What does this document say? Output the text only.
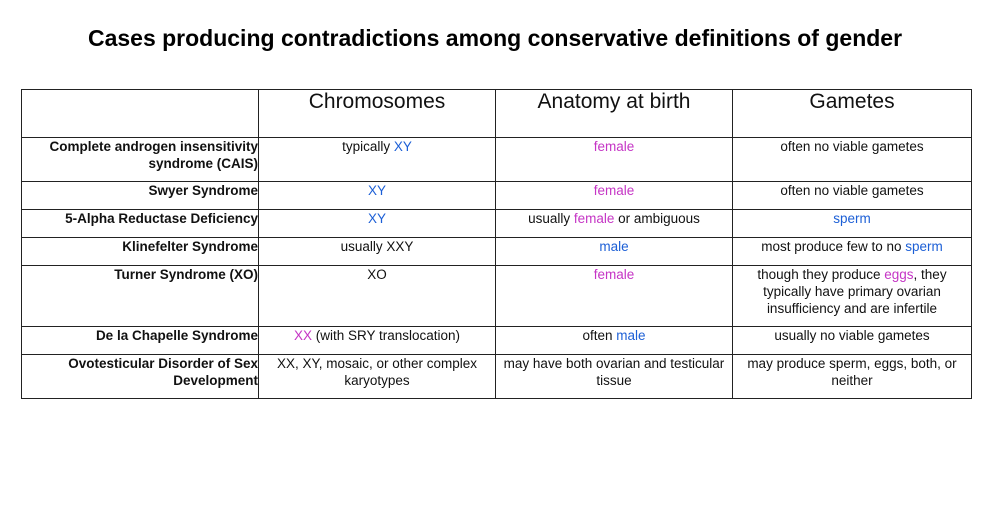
Cases producing contradictions among conservative definitions of gender
	Chromosomes	Anatomy at birth	Gametes
Complete androgen insensitivity syndrome (CAIS)	typically XY	female	often no viable gametes
Swyer Syndrome	XY	female	often no viable gametes
5-Alpha Reductase Deficiency	XY	usually female or ambiguous	sperm
Klinefelter Syndrome	usually XXY	male	most produce few to no sperm
Turner Syndrome (XO)	XO	female	though they produce eggs, they typically have primary ovarian insufficiency and are infertile
De la Chapelle Syndrome	XX (with SRY translocation)	often male	usually no viable gametes
Ovotesticular Disorder of Sex Development	XX, XY, mosaic, or other complex karyotypes	may have both ovarian and testicular tissue	may produce sperm, eggs, both, or neither
